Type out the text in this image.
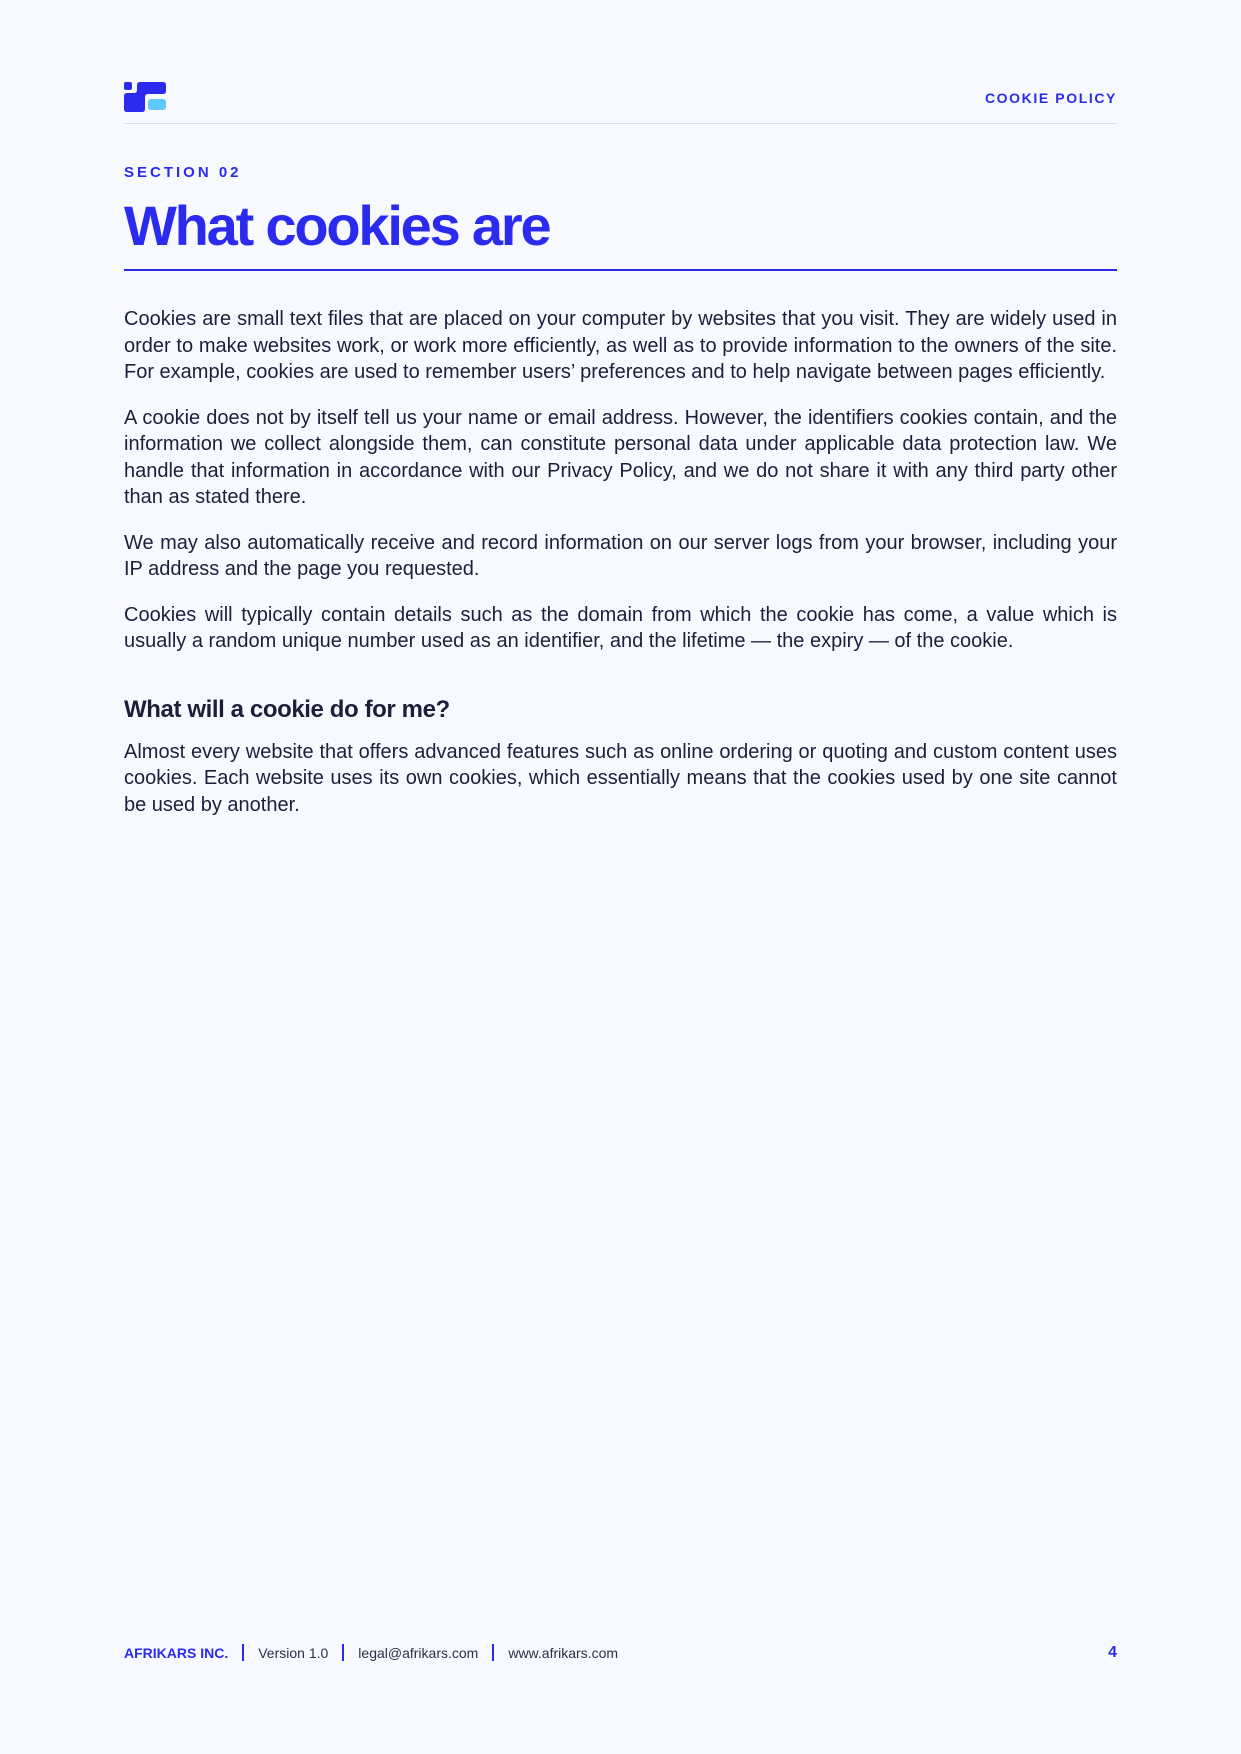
COOKIE POLICY
SECTION 02
What cookies are

Cookies are small text files that are placed on your computer by websites that you visit. They are widely used in order to make websites work, or work more efficiently, as well as to provide information to the owners of the site. For example, cookies are used to remember users’ preferences and to help navigate between pages efficiently.

A cookie does not by itself tell us your name or email address. However, the identifiers cookies contain, and the information we collect alongside them, can constitute personal data under applicable data protection law. We handle that information in accordance with our Privacy Policy, and we do not share it with any third party other than as stated there.

We may also automatically receive and record information on our server logs from your browser, including your IP address and the page you requested.

Cookies will typically contain details such as the domain from which the cookie has come, a value which is usually a random unique number used as an identifier, and the lifetime — the expiry — of the cookie.

What will a cookie do for me?

Almost every website that offers advanced features such as online ordering or quoting and custom content uses cookies. Each website uses its own cookies, which essentially means that the cookies used by one site cannot be used by another.

AFRIKARS INC. Version 1.0 legal@afrikars.com www.afrikars.com	4
